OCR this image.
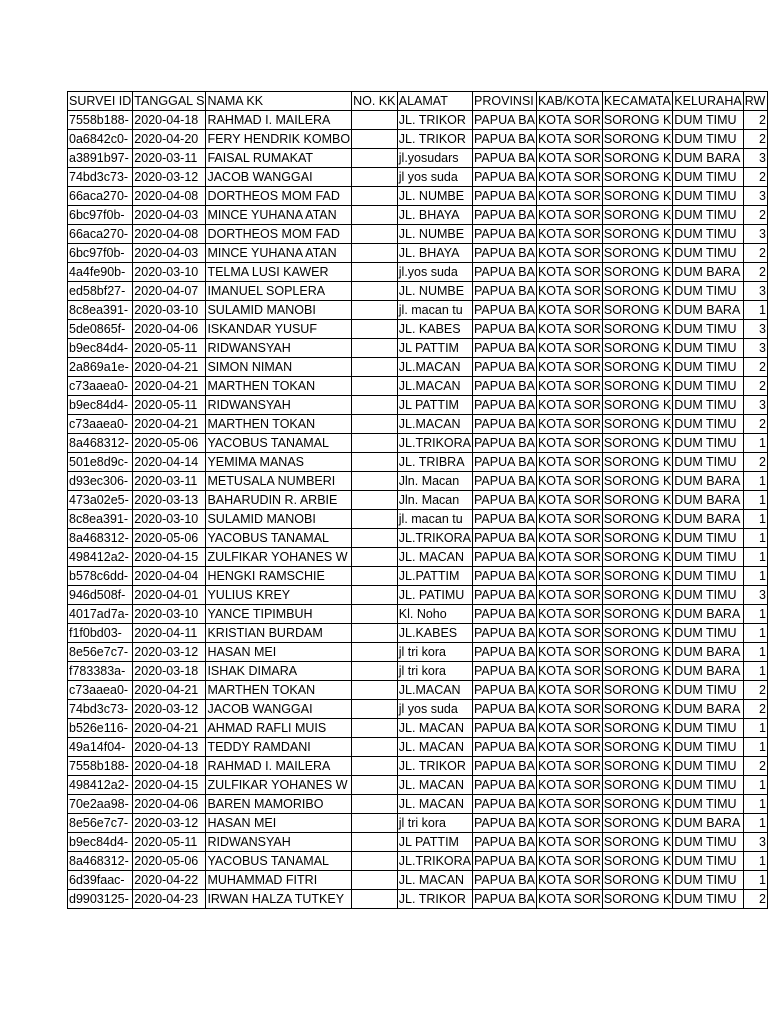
SURVEI ID	TANGGAL S	NAMA KK	NO. KK	ALAMAT	PROVINSI	KAB/KOTA	KECAMATA	KELURAHA	RW
7558b188-	2020-04-18	RAHMAD I. MAILERA		JL. TRIKOR	PAPUA BA	KOTA SOR	SORONG K	DUM TIMU	2
0a6842c0-	2020-04-20	FERY HENDRIK KOMBO		JL. TRIKOR	PAPUA BA	KOTA SOR	SORONG K	DUM TIMU	2
a3891b97-	2020-03-11	FAISAL RUMAKAT		jl.yosudars	PAPUA BA	KOTA SOR	SORONG K	DUM BARA	3
74bd3c73-	2020-03-12	JACOB WANGGAI		jl yos suda	PAPUA BA	KOTA SOR	SORONG K	DUM TIMU	2
66aca270-	2020-04-08	DORTHEOS MOM FAD		JL. NUMBE	PAPUA BA	KOTA SOR	SORONG K	DUM TIMU	3
6bc97f0b-	2020-04-03	MINCE YUHANA ATAN		JL. BHAYA	PAPUA BA	KOTA SOR	SORONG K	DUM TIMU	2
66aca270-	2020-04-08	DORTHEOS MOM FAD		JL. NUMBE	PAPUA BA	KOTA SOR	SORONG K	DUM TIMU	3
6bc97f0b-	2020-04-03	MINCE YUHANA ATAN		JL. BHAYA	PAPUA BA	KOTA SOR	SORONG K	DUM TIMU	2
4a4fe90b-	2020-03-10	TELMA LUSI KAWER		jl.yos suda	PAPUA BA	KOTA SOR	SORONG K	DUM BARA	2
ed58bf27-	2020-04-07	IMANUEL SOPLERA		JL. NUMBE	PAPUA BA	KOTA SOR	SORONG K	DUM TIMU	3
8c8ea391-	2020-03-10	SULAMID MANOBI		jl. macan tu	PAPUA BA	KOTA SOR	SORONG K	DUM BARA	1
5de0865f-	2020-04-06	ISKANDAR YUSUF		JL. KABES	PAPUA BA	KOTA SOR	SORONG K	DUM TIMU	3
b9ec84d4-	2020-05-11	RIDWANSYAH		JL PATTIM	PAPUA BA	KOTA SOR	SORONG K	DUM TIMU	3
2a869a1e-	2020-04-21	SIMON NIMAN		JL.MACAN	PAPUA BA	KOTA SOR	SORONG K	DUM TIMU	2
c73aaea0-	2020-04-21	MARTHEN TOKAN		JL.MACAN	PAPUA BA	KOTA SOR	SORONG K	DUM TIMU	2
b9ec84d4-	2020-05-11	RIDWANSYAH		JL PATTIM	PAPUA BA	KOTA SOR	SORONG K	DUM TIMU	3
c73aaea0-	2020-04-21	MARTHEN TOKAN		JL.MACAN	PAPUA BA	KOTA SOR	SORONG K	DUM TIMU	2
8a468312-	2020-05-06	YACOBUS TANAMAL		JL.TRIKORA	PAPUA BA	KOTA SOR	SORONG K	DUM TIMU	1
501e8d9c-	2020-04-14	YEMIMA MANAS		JL. TRIBRA	PAPUA BA	KOTA SOR	SORONG K	DUM TIMU	2
d93ec306-	2020-03-11	METUSALA NUMBERI		Jln. Macan	PAPUA BA	KOTA SOR	SORONG K	DUM BARA	1
473a02e5-	2020-03-13	BAHARUDIN R. ARBIE		Jln. Macan	PAPUA BA	KOTA SOR	SORONG K	DUM BARA	1
8c8ea391-	2020-03-10	SULAMID MANOBI		jl. macan tu	PAPUA BA	KOTA SOR	SORONG K	DUM BARA	1
8a468312-	2020-05-06	YACOBUS TANAMAL		JL.TRIKORA	PAPUA BA	KOTA SOR	SORONG K	DUM TIMU	1
498412a2-	2020-04-15	ZULFIKAR YOHANES W		JL. MACAN	PAPUA BA	KOTA SOR	SORONG K	DUM TIMU	1
b578c6dd-	2020-04-04	HENGKI RAMSCHIE		JL.PATTIM	PAPUA BA	KOTA SOR	SORONG K	DUM TIMU	1
946d508f-	2020-04-01	YULIUS KREY		JL. PATIMU	PAPUA BA	KOTA SOR	SORONG K	DUM TIMU	3
4017ad7a-	2020-03-10	YANCE TIPIMBUH		Kl. Noho	PAPUA BA	KOTA SOR	SORONG K	DUM BARA	1
f1f0bd03-	2020-04-11	KRISTIAN BURDAM		JL.KABES	PAPUA BA	KOTA SOR	SORONG K	DUM TIMU	1
8e56e7c7-	2020-03-12	HASAN MEI		jl tri kora	PAPUA BA	KOTA SOR	SORONG K	DUM BARA	1
f783383a-	2020-03-18	ISHAK DIMARA		jl tri kora	PAPUA BA	KOTA SOR	SORONG K	DUM BARA	1
c73aaea0-	2020-04-21	MARTHEN TOKAN		JL.MACAN	PAPUA BA	KOTA SOR	SORONG K	DUM TIMU	2
74bd3c73-	2020-03-12	JACOB WANGGAI		jl yos suda	PAPUA BA	KOTA SOR	SORONG K	DUM BARA	2
b526e116-	2020-04-21	AHMAD RAFLI MUIS		JL. MACAN	PAPUA BA	KOTA SOR	SORONG K	DUM TIMU	1
49a14f04-	2020-04-13	TEDDY RAMDANI		JL. MACAN	PAPUA BA	KOTA SOR	SORONG K	DUM TIMU	1
7558b188-	2020-04-18	RAHMAD I. MAILERA		JL. TRIKOR	PAPUA BA	KOTA SOR	SORONG K	DUM TIMU	2
498412a2-	2020-04-15	ZULFIKAR YOHANES W		JL. MACAN	PAPUA BA	KOTA SOR	SORONG K	DUM TIMU	1
70e2aa98-	2020-04-06	BAREN MAMORIBO		JL. MACAN	PAPUA BA	KOTA SOR	SORONG K	DUM TIMU	1
8e56e7c7-	2020-03-12	HASAN MEI		jl tri kora	PAPUA BA	KOTA SOR	SORONG K	DUM BARA	1
b9ec84d4-	2020-05-11	RIDWANSYAH		JL PATTIM	PAPUA BA	KOTA SOR	SORONG K	DUM TIMU	3
8a468312-	2020-05-06	YACOBUS TANAMAL		JL.TRIKORA	PAPUA BA	KOTA SOR	SORONG K	DUM TIMU	1
6d39faac-	2020-04-22	MUHAMMAD FITRI		JL. MACAN	PAPUA BA	KOTA SOR	SORONG K	DUM TIMU	1
d9903125-	2020-04-23	IRWAN HALZA TUTKEY		JL. TRIKOR	PAPUA BA	KOTA SOR	SORONG K	DUM TIMU	2
